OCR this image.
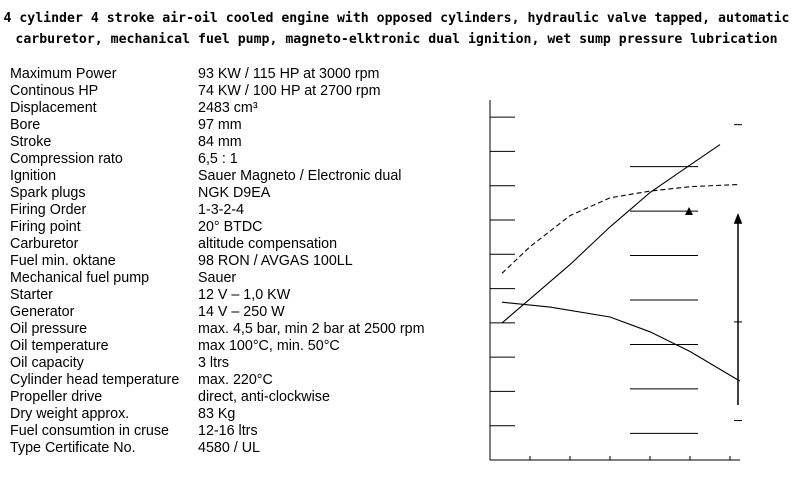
4 cylinder 4 stroke air-oil cooled engine with opposed cylinders, hydraulic valve tapped, automatic
carburetor, mechanical fuel pump, magneto-elktronic dual ignition, wet sump pressure lubrication
Maximum Power	93 KW / 115 HP at 3000 rpm
Continous HP	74 KW / 100 HP at 2700 rpm
Displacement	2483 cm³
Bore	97 mm
Stroke	84 mm
Compression rato	6,5 : 1
Ignition	Sauer Magneto / Electronic dual
Spark plugs	NGK D9EA
Firing Order	1-3-2-4
Firing point	20° BTDC
Carburetor	altitude compensation
Fuel min. oktane	98 RON / AVGAS 100LL
Mechanical fuel pump	Sauer
Starter	12 V – 1,0 KW
Generator	14 V – 250 W
Oil pressure	max. 4,5 bar, min 2 bar at 2500 rpm
Oil temperature	max 100°C, min. 50°C
Oil capacity	3 ltrs
Cylinder head temperature max. 220°C
Propeller drive	direct, anti-clockwise
Dry weight approx.	83 Kg
Fuel consumtion in cruse 12-16 ltrs
Type Certificate No.	4580 / UL
